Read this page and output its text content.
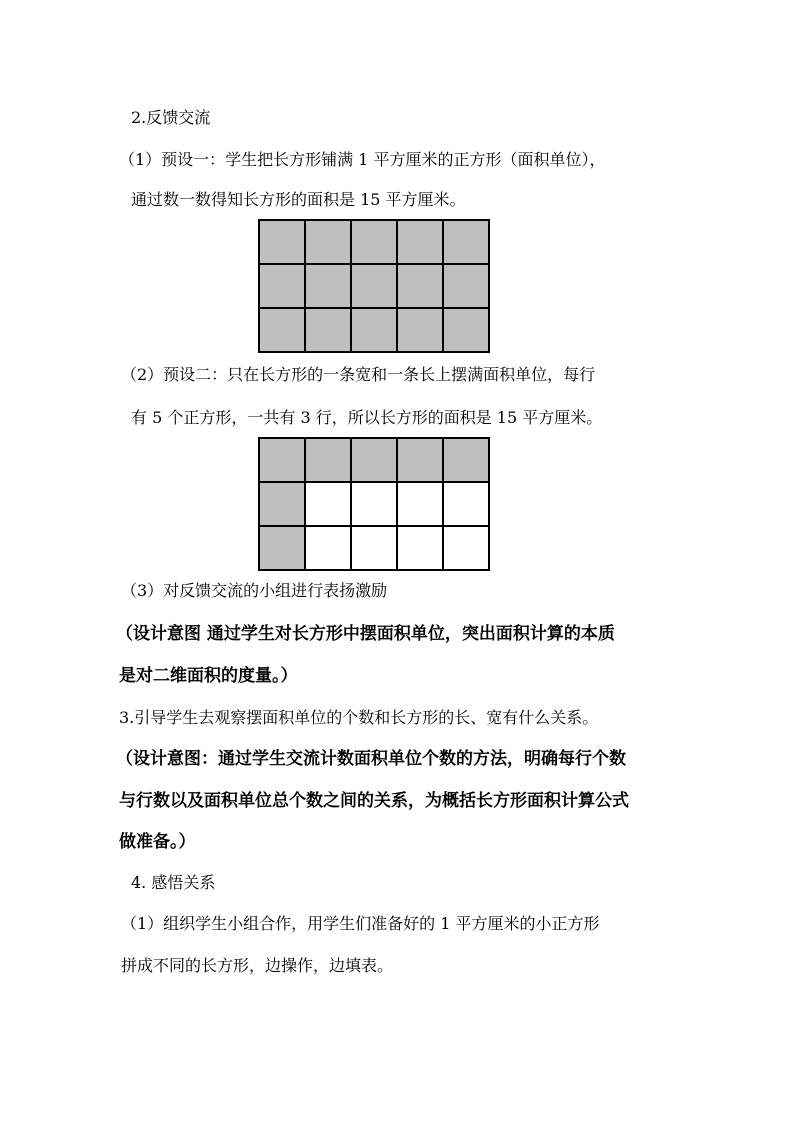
2.反馈交流
（1）预设一：学生把长方形铺满 1 平方厘米的正方形（面积单位），
通过数一数得知长方形的面积是 15 平方厘米。
（2）预设二：只在长方形的一条宽和一条长上摆满面积单位，每行
有 5 个正方形，一共有 3 行，所以长方形的面积是 15 平方厘米。
（3）对反馈交流的小组进行表扬激励
（设计意图 通过学生对长方形中摆面积单位，突出面积计算的本质
是对二维面积的度量。）
3.引导学生去观察摆面积单位的个数和长方形的长、宽有什么关系。
（设计意图：通过学生交流计数面积单位个数的方法，明确每行个数
与行数以及面积单位总个数之间的关系，为概括长方形面积计算公式
做准备。）
4. 感悟关系
（1）组织学生小组合作，用学生们准备好的 1 平方厘米的小正方形
拼成不同的长方形，边操作，边填表。
